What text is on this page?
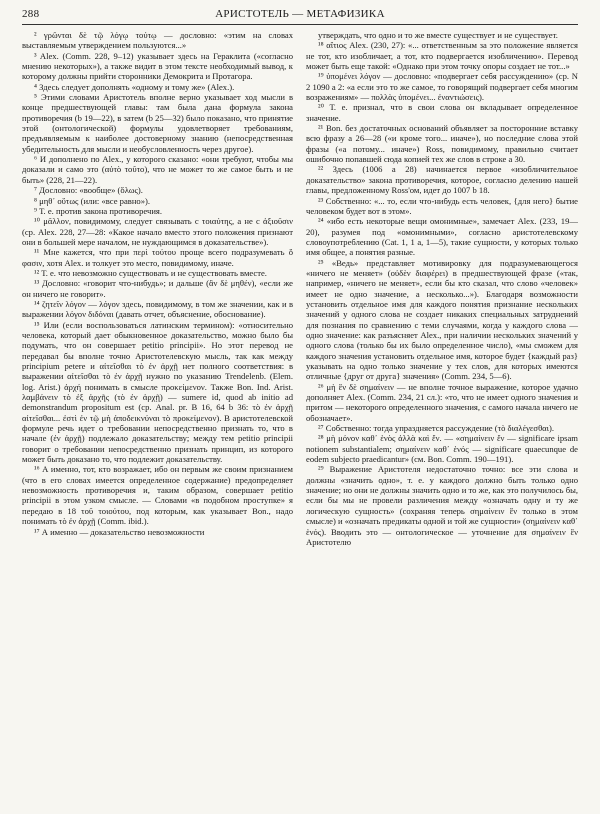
288	АРИСТОТЕЛЬ — МЕТАФИЗИКА

² γρῶνται δὲ τῷ λόγῳ τούτῳ — дословно: «этим на словах выставляемым утверждением пользуются...»

³ Alex. (Comm. 228, 9–12) указывает здесь на Гераклита («согласно мнению некоторых»), а также видит в этом тексте необходимый вывод, к которому должны прийти сторонники Демокрита и Протагора.

⁴ Здесь следует дополнять «одному и тому же» (Alex.).

⁵ Этими словами Аристотель вполне верно указывает ход мысли в конце предшествующей главы: там была дана формула закона противоречия (b 19—22), в затем (b 25—32) было показано, что принятие этой (онтологической) формулы удовлетворяет требованиям, предъявляемым к наиболее достоверному знанию (непосредственная убедительность для мысли и необусловленность через другое).

⁶ И дополнено по Alex., у которого сказано: «они требуют, чтобы мы доказали и само это (αὐτὸ τοῦτο), что не может то же самое быть и не быть» (228, 21—22).

⁷ Дословно: «вообще» (ὅλως).

⁸ μηθ᾽ οὕτως (или: «все равно»).

⁹ Т. е. против закона противоречия.

¹⁰ μᾶλλον, повидимому, следует связывать с τοιαύτης, а не с ἀξιοῦσιν (ср. Alex. 228, 27—28: «Какое начало вместо этого положения признают они в большей мере началом, не нуждающимся в доказательстве»).

¹¹ Мне кажется, что при περὶ τούτου проще всего подразумевать ὅ φασιν, хотя Alex. и толкует это место, повидимому, иначе.

¹² Т. е. что невозможно существовать и не существовать вместе.

¹³ Дословно: «говорит что-нибудь»; и дальше (ἂν δὲ μηθέν), «если же он ничего не говорит».

¹⁴ ζητεῖν λόγον — λόγον здесь, повидимому, в том же значении, как и в выражении λόγον διδόναι (давать отчет, объяснение, обоснование).

¹⁵ Или (если воспользоваться латинским термином): «относительно человека, который дает обыкновенное доказательство, можно было бы подумать, что он совершает petitio principii». Но этот перевод не передавал бы вполне точно Аристотелевскую мысль, так как между principium petere и αἰτεῖσθαι τὸ ἐν ἀρχῇ нет полного соответствия: в выражении αἰτεῖσθαι τὸ ἐν ἀρχῇ нужно по указанию Trendelenb. (Elem. log. Arist.) ἀρχή понимать в смысле προκείμενον. Также Bon. Ind. Arist. λαμβάνειν τὸ ἐξ ἀρχῆς (τὸ ἐν ἀρχῇ) — sumere id, quod ab initio ad demonstrandum propositum est (ср. Anal. pr. B 16, 64 b 36: τὸ ἐν ἀρχῇ αἰτεῖσθαι... ἐστὶ ἐν τῷ μὴ ἀποδεικνύναι τὸ προκείμενον). В аристотелевской формуле речь идет о требовании непосредственно признать то, что в начале (ἐν ἀρχῇ) подлежало доказательству; между тем petitio principii говорит о требовании непосредственно признать принцип, из которого может быть доказано то, что подлежит доказательству.

¹⁶ А именно, тот, кто возражает, ибо он первым же своим признанием (что в его словах имеется определенное содержание) предопределяет невозможность противоречия и, таким образом, совершает petitio principii в этом узком смысле. — Словами «в подобном проступке» я передаю в 18 τοῦ τοιούτου, под которым, как указывает Bon., надо понимать τὸ ἐν ἀρχῇ (Comm. ibid.).

¹⁷ А именно — доказательство невозможности

утверждать, что одно и то же вместе существует и не существует.

¹⁸ αἴτιος Alex. (230, 27): «... ответственным за это положение является не тот, кто изобличает, а тот, кто подвергается изобличению». Перевод может быть еще такой: «Однако при этом точку опоры создает не тот...»

¹⁹ ὑπομένει λόγον — дословно: «подвергает себя рассуждению» (ср. N 2 1090 а 2: «а если это то же самое, то говорящий подвергает себя многим возражениям» — πολλὰς ὑπομένει... ἐναντιώσεις).

²⁰ Т. е. признал, что в свои слова он вкладывает определенное значение.

²¹ Bon. без достаточных оснований объявляет за посторонние вставку всю фразу а 26—28 («и кроме того... иначе»), но последние слова этой фразы («а потому... иначе») Ross, повидимому, правильно считает ошибочно попавшей сюда копией тех же слов в строке а 30.

²² Здесь (1006 а 28) начинается первое «изобличительное доказательство» закона противоречия, которое, согласно делению нашей главы, предложенному Ross'ом, идет до 1007 b 18.

²³ Собственно: «... то, если что-нибудь есть человек, {для него} бытие человеком будет вот в этом».

²⁴ «ибо есть некоторые вещи омонимные», замечает Alex. (233, 19—20), разумея под «омонимными», согласно аристотелевскому словоупотреблению (Cat. 1, 1 a, 1—5), такие сущности, у которых только имя общее, а понятия разные.

²⁵ «Ведь» представляет мотивировку для подразумевающегося «ничего не меняет» (οὐδὲν διαφέρει) в предшествующей фразе («так, например, «ничего не меняет», если бы кто сказал, что слово «человек» имеет не одно значение, а несколько...»). Благодаря возможности установить отдельное имя для каждого понятия признание нескольких значений у одного слова не создает никаких специальных затруднений для познания по сравнению с теми случаями, когда у каждого слова — одно значение: как разъясняет Alex., при наличии нескольких значений у одного слова (только бы их было определенное число), «мы сможем для каждого значения установить отдельное имя, которое будет {каждый раз} указывать на одно только значение у тех слов, для которых имеются отличные {друг от друга} значения» (Comm. 234, 5—6).

²⁶ μὴ ἓν δὲ σημαίνειν — не вполне точное выражение, которое удачно дополняет Alex. (Comm. 234, 21 сл.): «то, что не имеет одного значения и притом — некоторого определенного значения, с самого начала ничего не обозначает».

²⁷ Собственно: тогда упраздняется рассуждение (τὸ διαλέγεσθαι).

²⁸ μὴ μόνον καθ᾽ ἑνὸς ἀλλὰ καὶ ἕν. — «σημαίνειν ἕν — significare ipsam notionem substantialem; σημαίνειν καθ᾽ ἑνός — significare quaecunque de eodem subjecto praedicantur» (см. Bon. Comm. 190—191).

²⁹ Выражение Аристотеля недостаточно точно: все эти слова и должны «значить одно», т. е. у каждого должно быть только одно значение; но они не должны значить одно и то же, как это получилось бы, если бы мы не провели различения между «означать одну и ту же логическую сущность» (сохраняя теперь σημαίνειν ἓν только в этом смысле) и «означать предикаты одной и той же сущности» (σημαίνειν καθ᾽ ἑνός). Вводить это — онтологическое — уточнение для σημαίνειν ἓν Аристотелю
